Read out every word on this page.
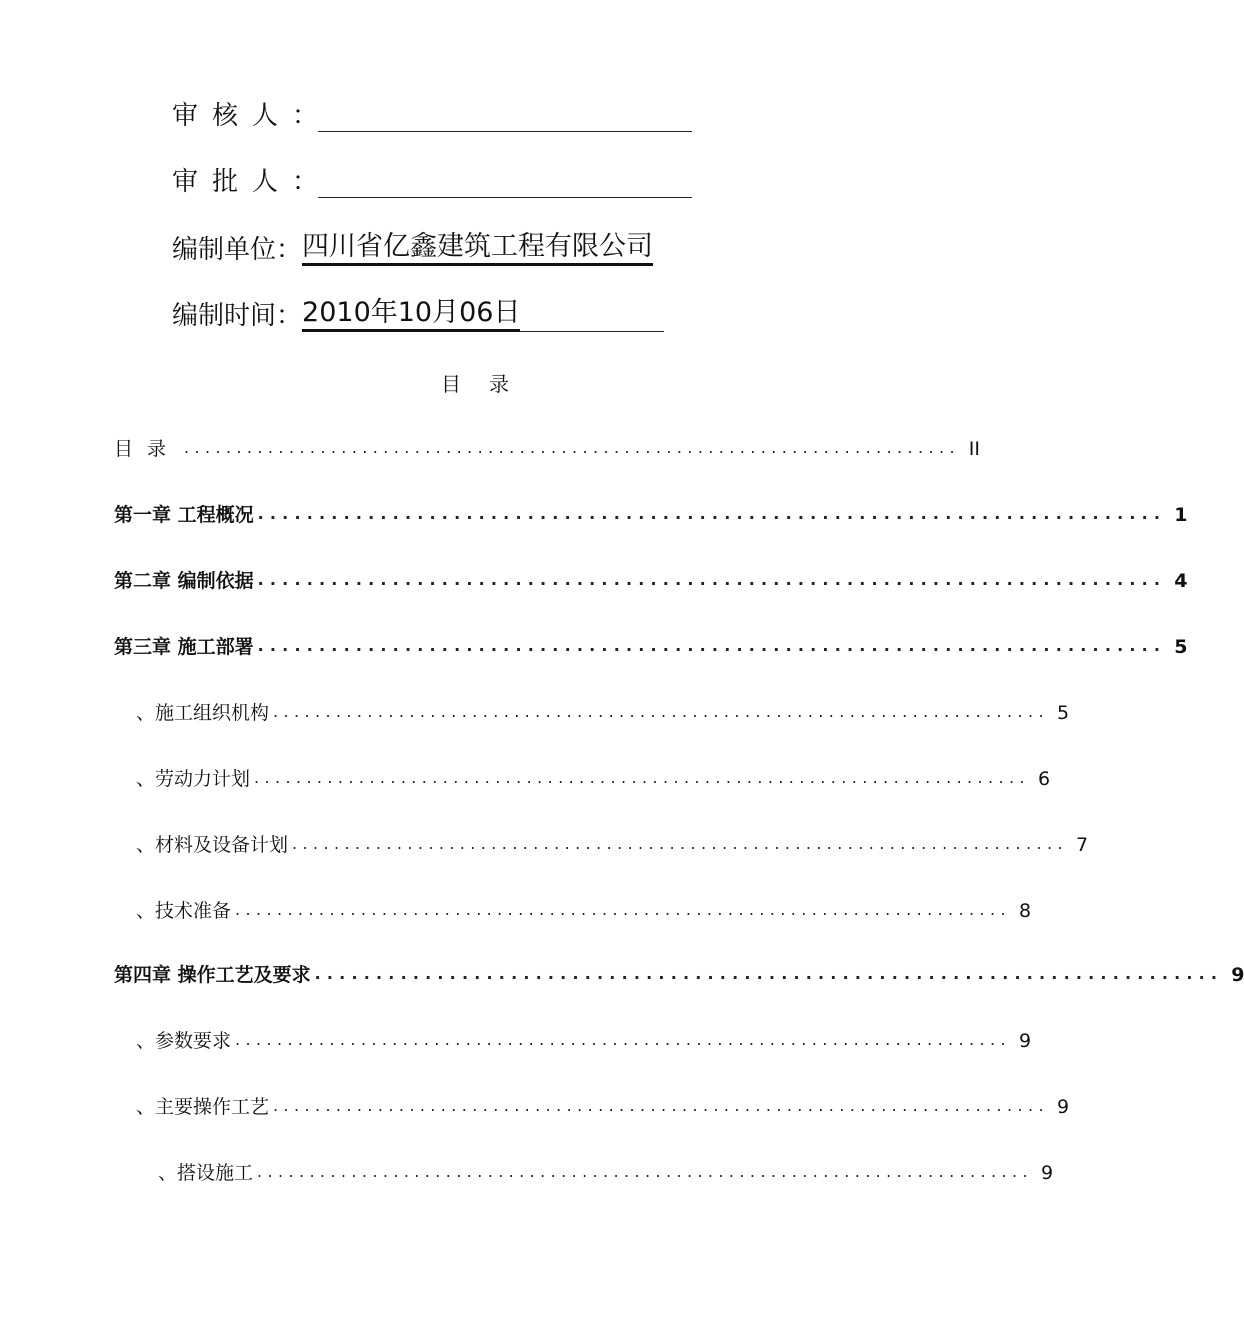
审核人 ：
审批人 ：
编制单位 ： 四川省亿鑫建筑工程有限公司
编制时间 ： 2010年10月06日
目录
目录 .......................................................................... II
第一章 工程概况 .......................................................................... 1
第二章 编制依据 .......................................................................... 4
第三章 施工部署 .......................................................................... 5
、施工组织机构 .......................................................................... 5
、劳动力计划 .......................................................................... 6
、材料及设备计划 .......................................................................... 7
、技术准备 .......................................................................... 8
第四章 操作工艺及要求 .......................................................................... 9
、参数要求 .......................................................................... 9
、主要操作工艺 .......................................................................... 9
、搭设施工 .......................................................................... 9
